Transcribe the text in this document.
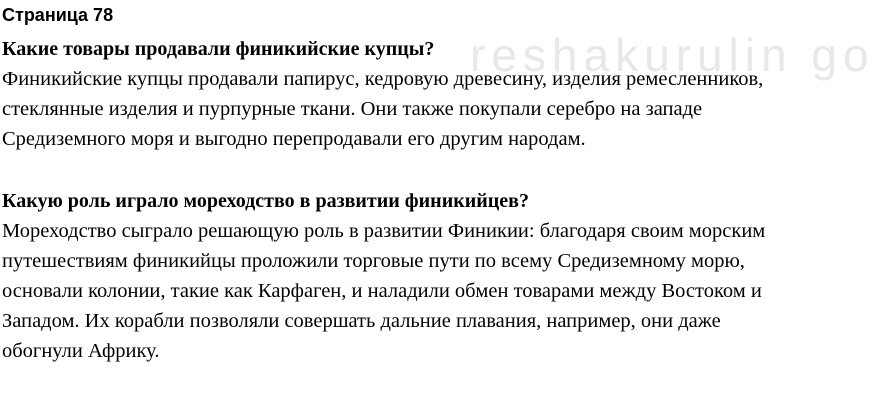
reshakurulin go
Страница 78
Какие товары продавали финикийские купцы?
Финикийские купцы продавали папирус, кедровую древесину, изделия ремесленников, стеклянные изделия и пурпурные ткани. Они также покупали серебро на западе Средиземного моря и выгодно перепродавали его другим народам.
Какую роль играло мореходство в развитии финикийцев?
Мореходство сыграло решающую роль в развитии Финикии: благодаря своим морским путешествиям финикийцы проложили торговые пути по всему Средиземному морю, основали колонии, такие как Карфаген, и наладили обмен товарами между Востоком и Западом. Их корабли позволяли совершать дальние плавания, например, они даже обогнули Африку.
